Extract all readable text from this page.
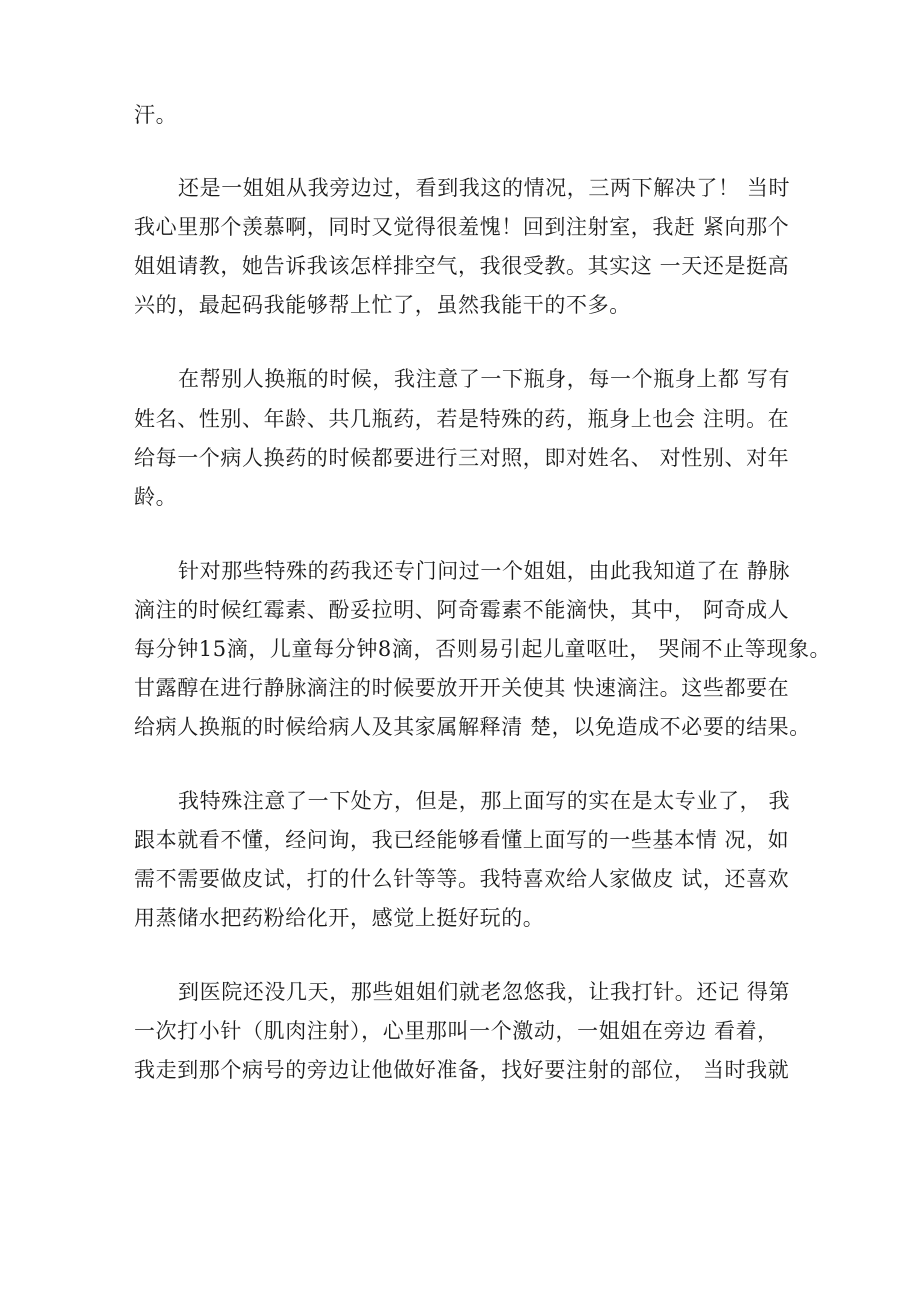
汗。
还是一姐姐从我旁边过，看到我这的情况，三两下解决了！ 当时
我心里那个羡慕啊，同时又觉得很羞愧！回到注射室，我赶 紧向那个
姐姐请教，她告诉我该怎样排空气，我很受教。其实这 一天还是挺高
兴的，最起码我能够帮上忙了，虽然我能干的不多。
在帮别人换瓶的时候，我注意了一下瓶身，每一个瓶身上都 写有
姓名、性别、年龄、共几瓶药，若是特殊的药，瓶身上也会 注明。在
给每一个病人换药的时候都要进行三对照，即对姓名、 对性别、对年
龄。
针对那些特殊的药我还专门问过一个姐姐，由此我知道了在 静脉
滴注的时候红霉素、酚妥拉明、阿奇霉素不能滴快，其中， 阿奇成人
每分钟15滴，儿童每分钟8滴，否则易引起儿童呕吐， 哭闹不止等现象。
甘露醇在进行静脉滴注的时候要放开开关使其 快速滴注。这些都要在
给病人换瓶的时候给病人及其家属解释清 楚，以免造成不必要的结果。
我特殊注意了一下处方，但是，那上面写的实在是太专业了， 我
跟本就看不懂，经问询，我已经能够看懂上面写的一些基本情 况，如
需不需要做皮试，打的什么针等等。我特喜欢给人家做皮 试，还喜欢
用蒸储水把药粉给化开，感觉上挺好玩的。
到医院还没几天，那些姐姐们就老忽悠我，让我打针。还记 得第
一次打小针（肌肉注射），心里那叫一个激动，一姐姐在旁边 看着，
我走到那个病号的旁边让他做好准备，找好要注射的部位， 当时我就
